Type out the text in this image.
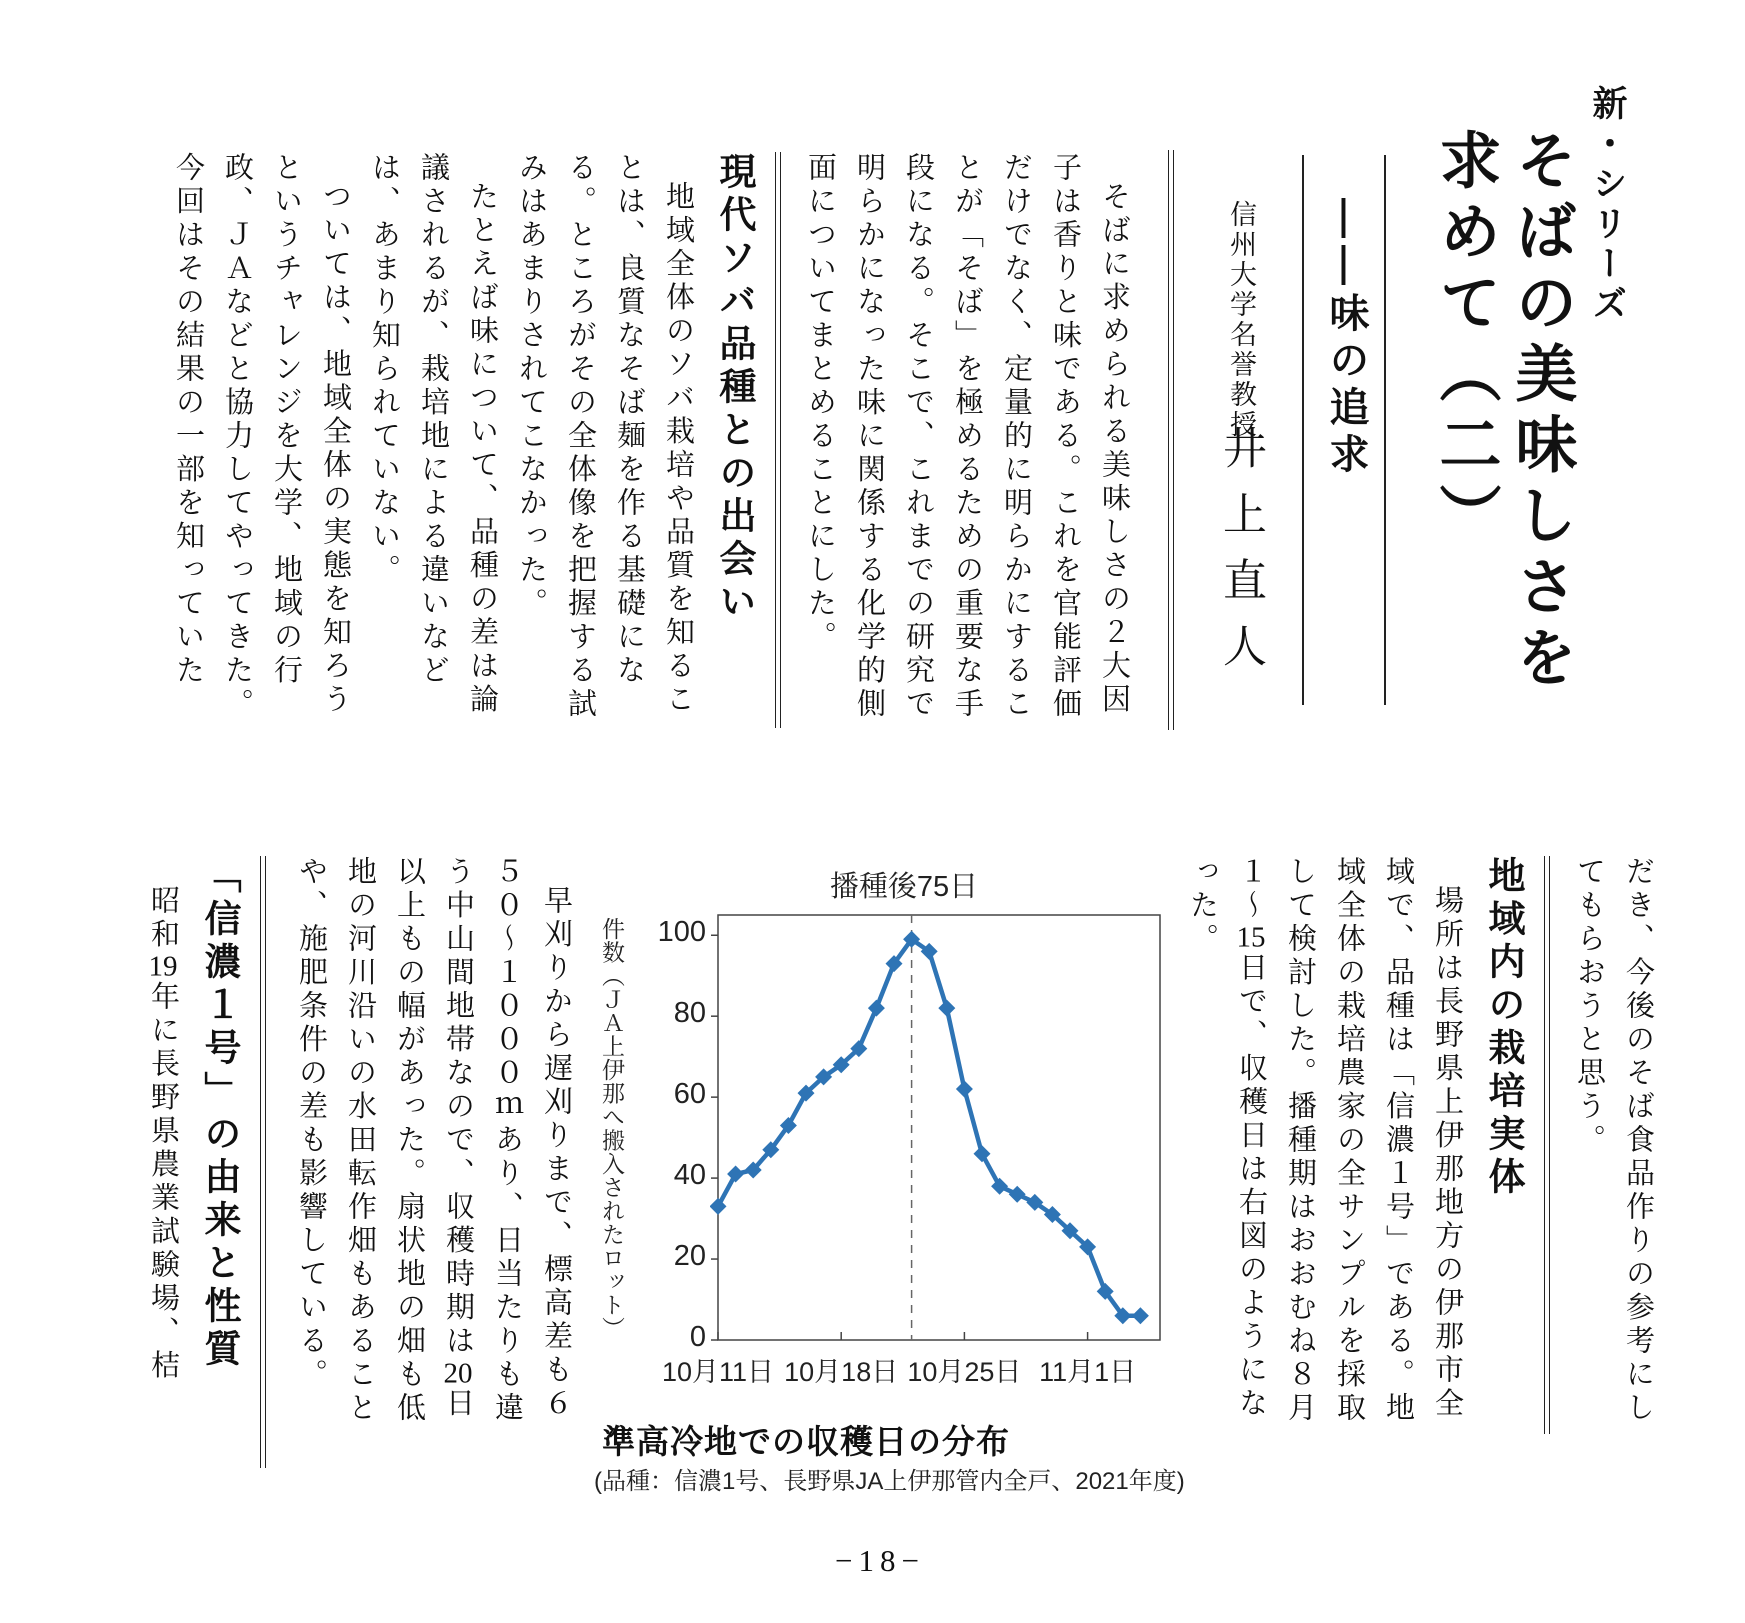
新・シリーズ
そばの美味しさを
求めて（二）
――味の追求
信州大学名誉教授
井上直人

そばに求められる美味しさの２大因子は香りと味である。これを官能評価だけでなく、定量的に明らかにすることが「そば」を極めるための重要な手段になる。そこで、これまでの研究で明らかになった味に関係する化学的側面についてまとめることにした。

現代ソバ品種との出会い

地域全体のソバ栽培や品質を知ることは、良質なそば麺を作る基礎になる。ところがその全体像を把握する試みはあまりされてこなかった。

たとえば味について、品種の差は論議されるが、栽培地による違いなどは、あまり知られていない。

ついては、地域全体の実態を知ろうというチャレンジを大学、地域の行政、ＪＡなどと協力してやってきた。今回はその結果の一部を知っていた

だき、今後のそば食品作りの参考にしてもらおうと思う。

地域内の栽培実体

場所は長野県上伊那地方の伊那市全域で、品種は「信濃１号」である。地域全体の栽培農家の全サンプルを採取して検討した。播種期はおおむね８月１〜15日で、収穫日は右図のようになった。

播種後75日
件数（ＪＡ上伊那へ搬入されたロット）	0
20
40
60
80
100
10月11日 10月18日 10月25日 11月1日
準高冷地での収穫日の分布
(品種：信濃1号、長野県JA上伊那管内全戸、2021年度)

早刈りから遅刈りまで、標高差も６５０〜１０００ｍあり、日当たりも違う中山間地帯なので、収穫時期は20日以上もの幅があった。扇状地の畑も低地の河川沿いの水田転作畑もあることや、施肥条件の差も影響している。

「信濃１号」の由来と性質

昭和19年に長野県農業試験場、桔

−18−
